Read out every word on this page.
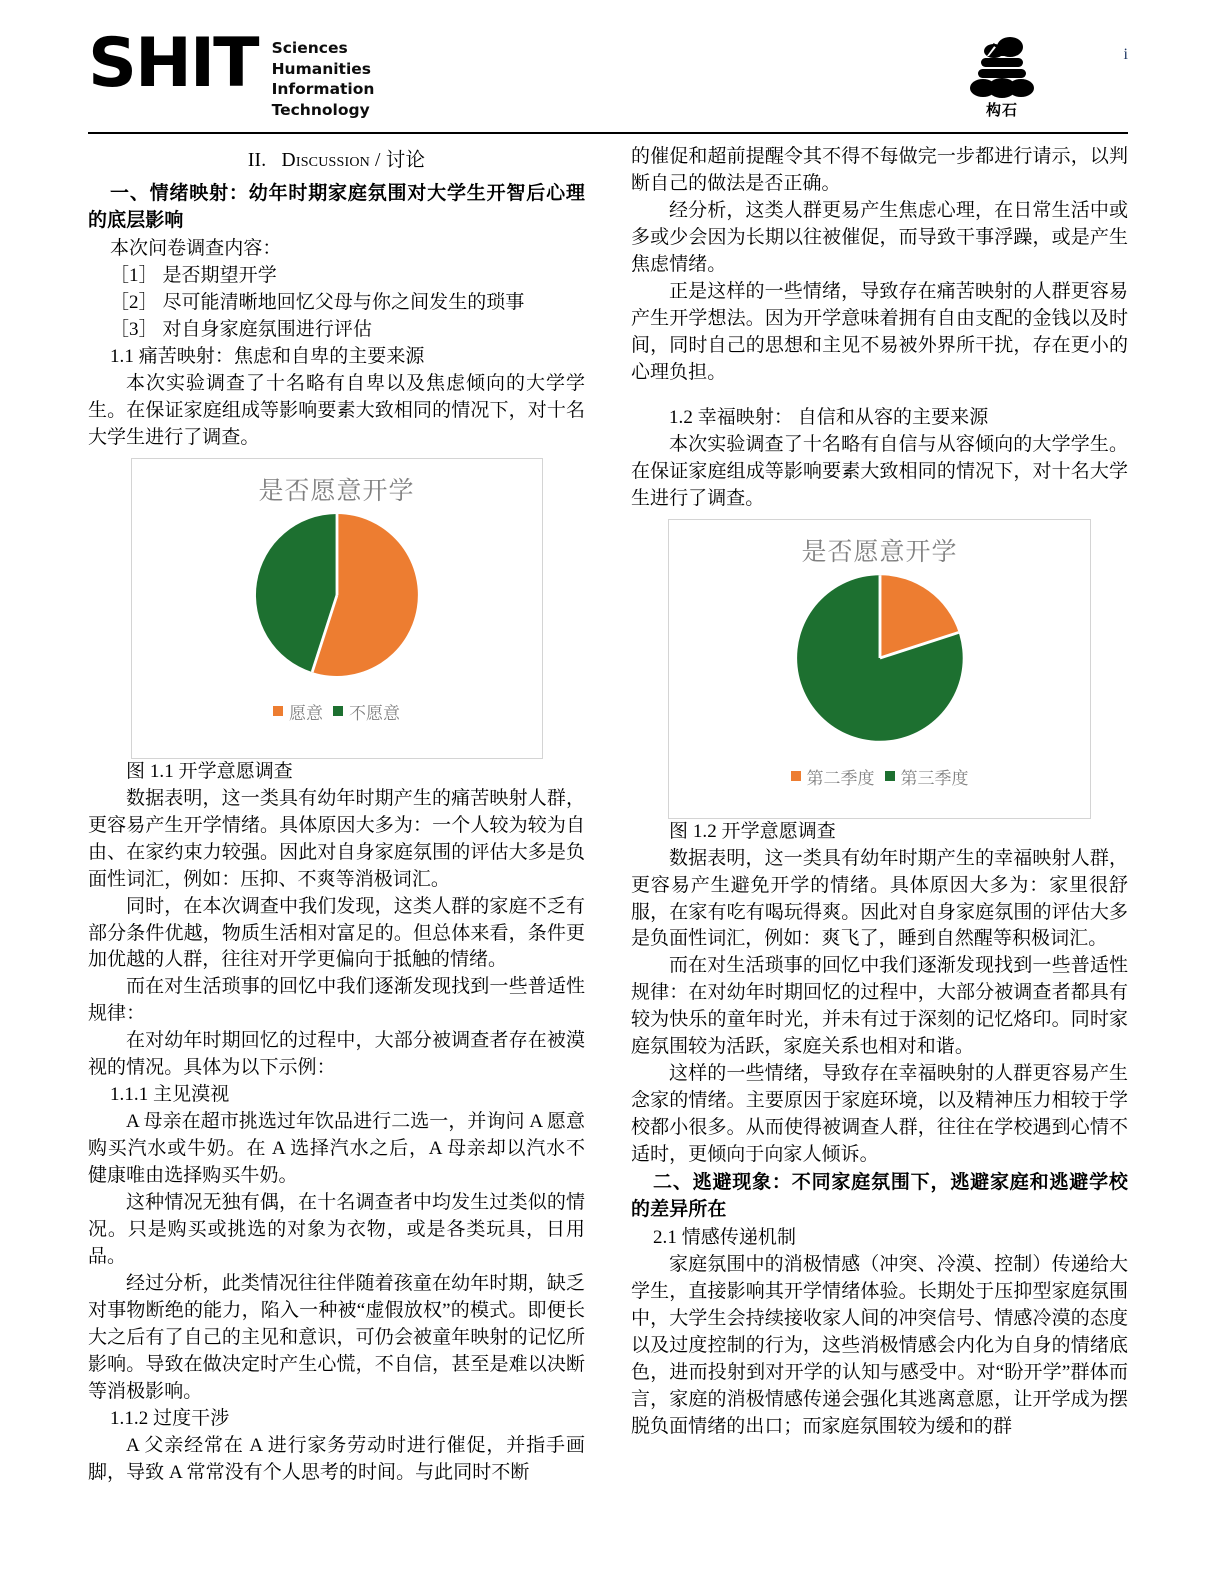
SHIT Sciences
Humanities
Information
Technology	构石
i
II. Discussion / 讨论
一、情绪映射：幼年时期家庭氛围对大学生开智后心理的底层影响

本次问卷调查内容：

［1］ 是否期望开学

［2］ 尽可能清晰地回忆父母与你之间发生的琐事

［3］ 对自身家庭氛围进行评估

1.1 痛苦映射：焦虑和自卑的主要来源

本次实验调查了十名略有自卑以及焦虑倾向的大学学生。在保证家庭组成等影响要素大致相同的情况下，对十名大学生进行了调查。

是否愿意开学
愿意 不愿意

图 1.1 开学意愿调查

数据表明，这一类具有幼年时期产生的痛苦映射人群，更容易产生开学情绪。具体原因大多为：一个人较为较为自由、在家约束力较强。因此对自身家庭氛围的评估大多是负面性词汇，例如：压抑、不爽等消极词汇。

同时，在本次调查中我们发现，这类人群的家庭不乏有部分条件优越，物质生活相对富足的。但总体来看，条件更加优越的人群，往往对开学更偏向于抵触的情绪。

而在对生活琐事的回忆中我们逐渐发现找到一些普适性规律：

在对幼年时期回忆的过程中，大部分被调查者存在被漠视的情况。具体为以下示例：

1.1.1 主见漠视

A 母亲在超市挑选过年饮品进行二选一，并询问 A 愿意购买汽水或牛奶。在 A 选择汽水之后，A 母亲却以汽水不健康唯由选择购买牛奶。

这种情况无独有偶，在十名调查者中均发生过类似的情况。只是购买或挑选的对象为衣物，或是各类玩具，日用品。

经过分析，此类情况往往伴随着孩童在幼年时期，缺乏对事物断绝的能力，陷入一种被“虚假放权”的模式。即便长大之后有了自己的主见和意识，可仍会被童年映射的记忆所影响。导致在做决定时产生心慌，不自信，甚至是难以决断等消极影响。

1.1.2 过度干涉

A 父亲经常在 A 进行家务劳动时进行催促，并指手画脚，导致 A 常常没有个人思考的时间。与此同时不断

的催促和超前提醒令其不得不每做完一步都进行请示，以判断自己的做法是否正确。

经分析，这类人群更易产生焦虑心理，在日常生活中或多或少会因为长期以往被催促，而导致干事浮躁，或是产生焦虑情绪。

正是这样的一些情绪，导致存在痛苦映射的人群更容易产生开学想法。因为开学意味着拥有自由支配的金钱以及时间，同时自己的思想和主见不易被外界所干扰，存在更小的心理负担。

1.2 幸福映射： 自信和从容的主要来源

本次实验调查了十名略有自信与从容倾向的大学学生。在保证家庭组成等影响要素大致相同的情况下，对十名大学生进行了调查。

是否愿意开学
第二季度 第三季度

图 1.2 开学意愿调查

数据表明，这一类具有幼年时期产生的幸福映射人群，更容易产生避免开学的情绪。具体原因大多为：家里很舒服，在家有吃有喝玩得爽。因此对自身家庭氛围的评估大多是负面性词汇，例如：爽飞了，睡到自然醒等积极词汇。

而在对生活琐事的回忆中我们逐渐发现找到一些普适性规律：在对幼年时期回忆的过程中，大部分被调查者都具有较为快乐的童年时光，并未有过于深刻的记忆烙印。同时家庭氛围较为活跃，家庭关系也相对和谐。

这样的一些情绪，导致存在幸福映射的人群更容易产生念家的情绪。主要原因于家庭环境，以及精神压力相较于学校都小很多。从而使得被调查人群，往往在学校遇到心情不适时，更倾向于向家人倾诉。

二、逃避现象：不同家庭氛围下，逃避家庭和逃避学校的差异所在

2.1 情感传递机制

家庭氛围中的消极情感（冲突、冷漠、控制）传递给大学生，直接影响其开学情绪体验。长期处于压抑型家庭氛围中，大学生会持续接收家人间的冲突信号、情感冷漠的态度以及过度控制的行为，这些消极情感会内化为自身的情绪底色，进而投射到对开学的认知与感受中。对“盼开学”群体而言，家庭的消极情感传递会强化其逃离意愿，让开学成为摆脱负面情绪的出口；而家庭氛围较为缓和的群
